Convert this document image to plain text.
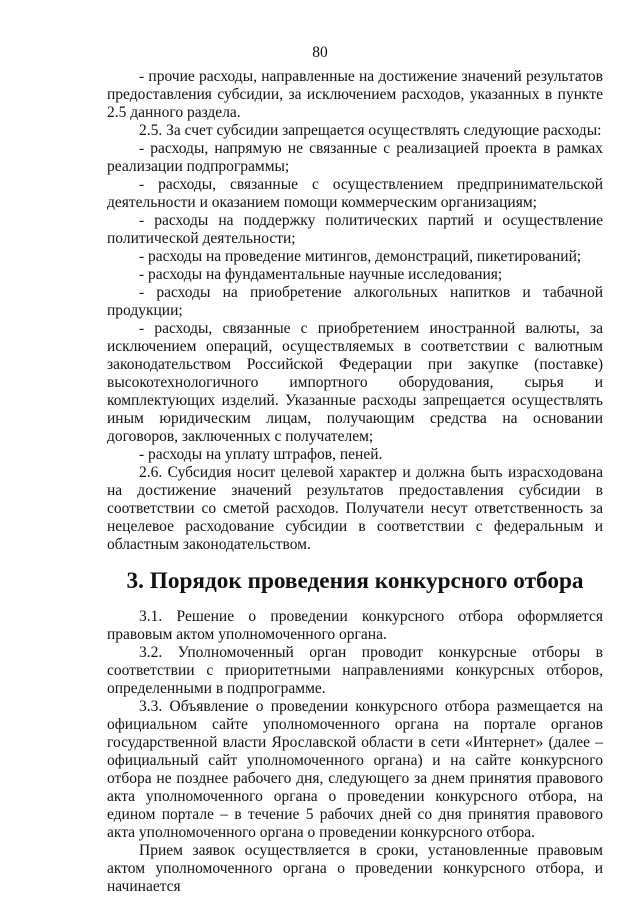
80

- прочие расходы, направленные на достижение значений результатов предоставления субсидии, за исключением расходов, указанных в пункте 2.5 данного раздела.

2.5. За счет субсидии запрещается осуществлять следующие расходы:

- расходы, напрямую не связанные с реализацией проекта в рамках реализации подпрограммы;

- расходы, связанные с осуществлением предпринимательской деятельности и оказанием помощи коммерческим организациям;

- расходы на поддержку политических партий и осуществление политической деятельности;

- расходы на проведение митингов, демонстраций, пикетирований;

- расходы на фундаментальные научные исследования;

- расходы на приобретение алкогольных напитков и табачной продукции;

- расходы, связанные с приобретением иностранной валюты, за исключением операций, осуществляемых в соответствии с валютным законодательством Российской Федерации при закупке (поставке) высокотехнологичного импортного оборудования, сырья и комплектующих изделий. Указанные расходы запрещается осуществлять иным юридическим лицам, получающим средства на основании договоров, заключенных с получателем;

- расходы на уплату штрафов, пеней.

2.6. Субсидия носит целевой характер и должна быть израсходована на достижение значений результатов предоставления субсидии в соответствии со сметой расходов. Получатели несут ответственность за нецелевое расходование субсидии в соответствии с федеральным и областным законодательством.

3. Порядок проведения конкурсного отбора

3.1. Решение о проведении конкурсного отбора оформляется правовым актом уполномоченного органа.

3.2. Уполномоченный орган проводит конкурсные отборы в соответствии с приоритетными направлениями конкурсных отборов, определенными в подпрограмме.

3.3. Объявление о проведении конкурсного отбора размещается на официальном сайте уполномоченного органа на портале органов государственной власти Ярославской области в сети «Интернет» (далее – официальный сайт уполномоченного органа) и на сайте конкурсного отбора не позднее рабочего дня, следующего за днем принятия правового акта уполномоченного органа о проведении конкурсного отбора, на едином портале – в течение 5 рабочих дней со дня принятия правового акта уполномоченного органа о проведении конкурсного отбора.

Прием заявок осуществляется в сроки, установленные правовым актом уполномоченного органа о проведении конкурсного отбора, и начинается
